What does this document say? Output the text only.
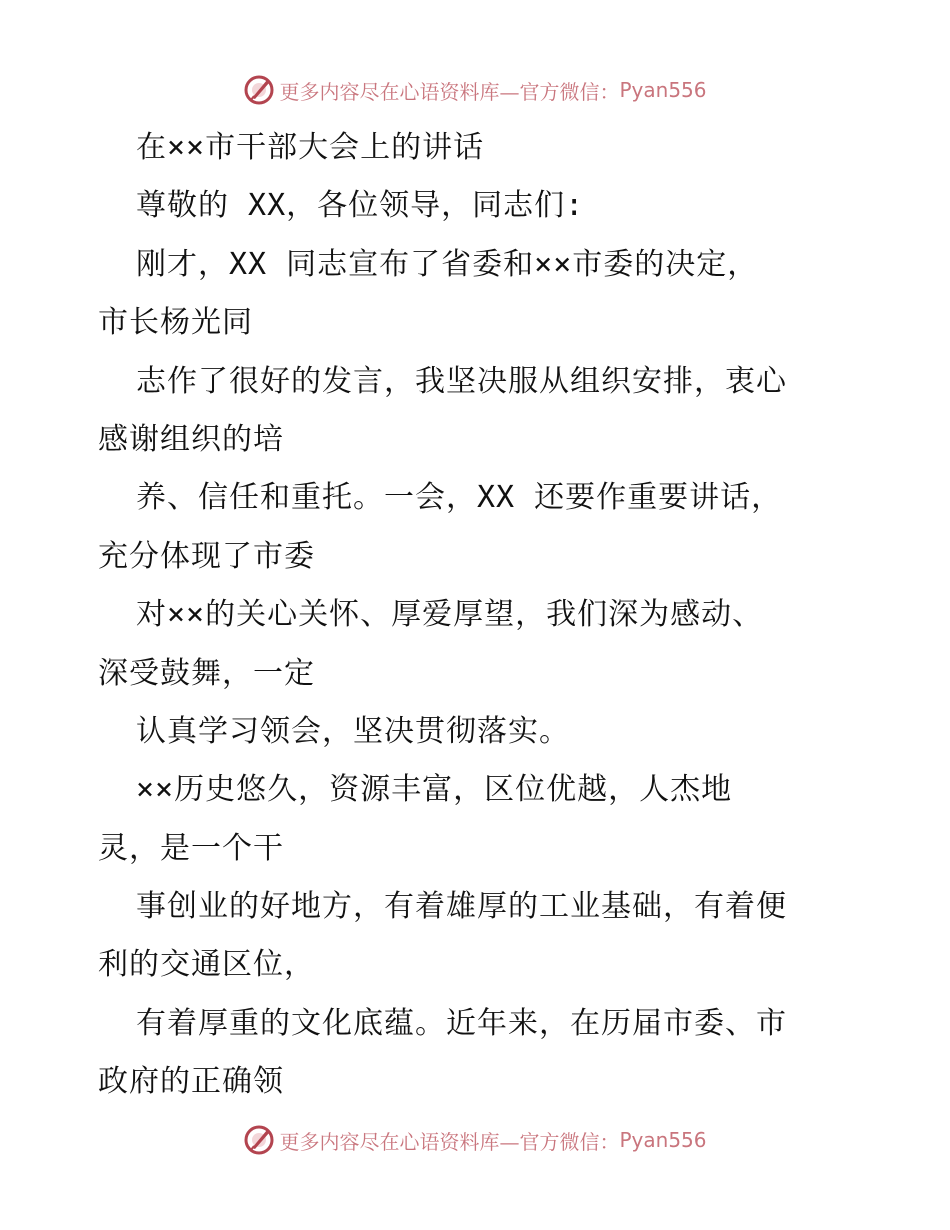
更多内容尽在心语资料库—官方微信： Pyan556
在××市干部大会上的讲话
尊敬的 XX，各位领导，同志们:
刚才，XX 同志宣布了省委和××市委的决定，
市长杨光同
志作了很好的发言，我坚决服从组织安排，衷心
感谢组织的培
养、信任和重托。一会，XX 还要作重要讲话，
充分体现了市委
对××的关心关怀、厚爱厚望，我们深为感动、
深受鼓舞，一定
认真学习领会，坚决贯彻落实。
××历史悠久，资源丰富，区位优越，人杰地
灵，是一个干
事创业的好地方，有着雄厚的工业基础，有着便
利的交通区位，
有着厚重的文化底蕴。近年来，在历届市委、市
政府的正确领
更多内容尽在心语资料库—官方微信： Pyan556
